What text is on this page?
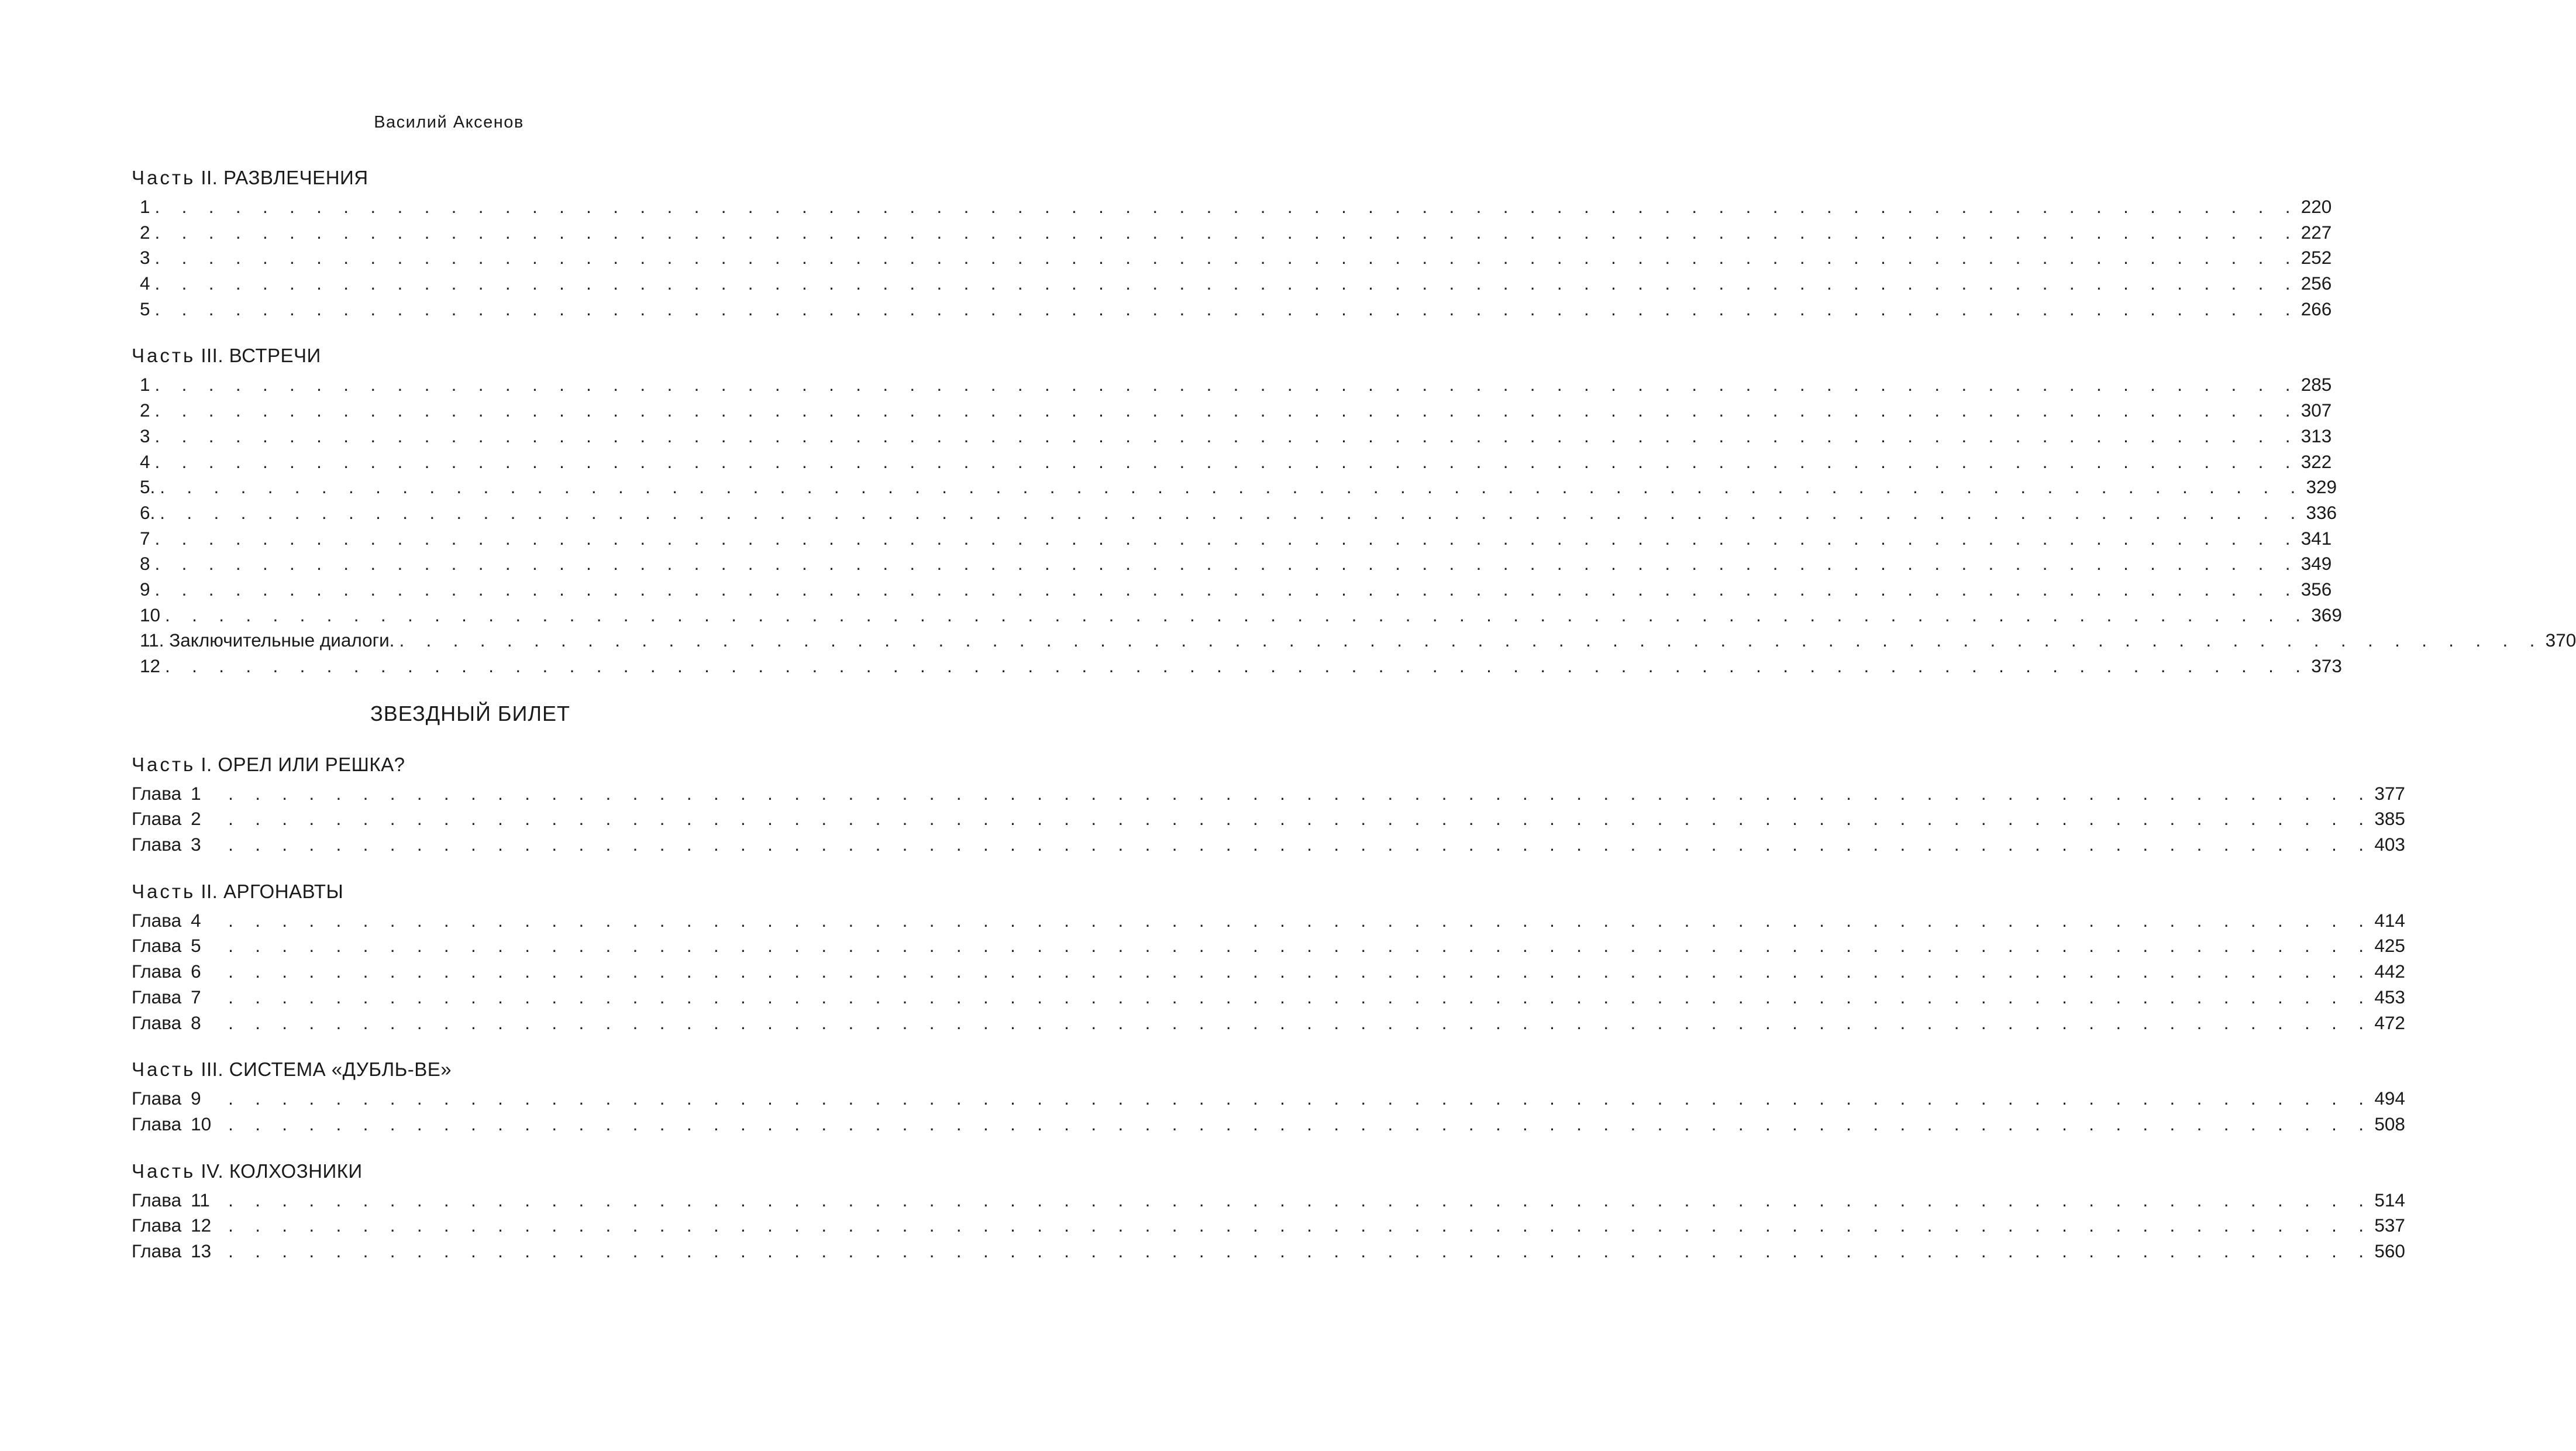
Василий Аксенов
Часть II. РАЗВЛЕЧЕНИЯ
1 . . . . . . . . . . . . . . . . . . . . . . . . . . . . . . . . . . . . . . . . . . . . . . . . . . . . . . . . . . . . . . . . . . . . . . . . . . . . . . . . 220
2 . . . . . . . . . . . . . . . . . . . . . . . . . . . . . . . . . . . . . . . . . . . . . . . . . . . . . . . . . . . . . . . . . . . . . . . . . . . . . . . . 227
3 . . . . . . . . . . . . . . . . . . . . . . . . . . . . . . . . . . . . . . . . . . . . . . . . . . . . . . . . . . . . . . . . . . . . . . . . . . . . . . . . 252
4 . . . . . . . . . . . . . . . . . . . . . . . . . . . . . . . . . . . . . . . . . . . . . . . . . . . . . . . . . . . . . . . . . . . . . . . . . . . . . . . . 256
5 . . . . . . . . . . . . . . . . . . . . . . . . . . . . . . . . . . . . . . . . . . . . . . . . . . . . . . . . . . . . . . . . . . . . . . . . . . . . . . . . 266
Часть III. ВСТРЕЧИ
1 . . . . . . . . . . . . . . . . . . . . . . . . . . . . . . . . . . . . . . . . . . . . . . . . . . . . . . . . . . . . . . . . . . . . . . . . . . . . . . . . 285
2 . . . . . . . . . . . . . . . . . . . . . . . . . . . . . . . . . . . . . . . . . . . . . . . . . . . . . . . . . . . . . . . . . . . . . . . . . . . . . . . . 307
3 . . . . . . . . . . . . . . . . . . . . . . . . . . . . . . . . . . . . . . . . . . . . . . . . . . . . . . . . . . . . . . . . . . . . . . . . . . . . . . . . 313
4 . . . . . . . . . . . . . . . . . . . . . . . . . . . . . . . . . . . . . . . . . . . . . . . . . . . . . . . . . . . . . . . . . . . . . . . . . . . . . . . . 322
5. . . . . . . . . . . . . . . . . . . . . . . . . . . . . . . . . . . . . . . . . . . . . . . . . . . . . . . . . . . . . . . . . . . . . . . . . . . . . . . . . 329
6. . . . . . . . . . . . . . . . . . . . . . . . . . . . . . . . . . . . . . . . . . . . . . . . . . . . . . . . . . . . . . . . . . . . . . . . . . . . . . . . . 336
7 . . . . . . . . . . . . . . . . . . . . . . . . . . . . . . . . . . . . . . . . . . . . . . . . . . . . . . . . . . . . . . . . . . . . . . . . . . . . . . . . 341
8 . . . . . . . . . . . . . . . . . . . . . . . . . . . . . . . . . . . . . . . . . . . . . . . . . . . . . . . . . . . . . . . . . . . . . . . . . . . . . . . . 349
9 . . . . . . . . . . . . . . . . . . . . . . . . . . . . . . . . . . . . . . . . . . . . . . . . . . . . . . . . . . . . . . . . . . . . . . . . . . . . . . . . 356
10 . . . . . . . . . . . . . . . . . . . . . . . . . . . . . . . . . . . . . . . . . . . . . . . . . . . . . . . . . . . . . . . . . . . . . . . . . . . . . . . . 369
11. Заключительные диалоги. . . . . . . . . . . . . . . . . . . . . . . . . . . . . . . . . . . . . . . . . . . . . . . . . . . . . . . . . . . . . . . . . . . . . . . . . . . . . . . . . 370
12 . . . . . . . . . . . . . . . . . . . . . . . . . . . . . . . . . . . . . . . . . . . . . . . . . . . . . . . . . . . . . . . . . . . . . . . . . . . . . . . . 373
ЗВЕЗДНЫЙ БИЛЕТ
Часть I. ОРЕЛ ИЛИ РЕШКА?
Глава 1	. . . . . . . . . . . . . . . . . . . . . . . . . . . . . . . . . . . . . . . . . . . . . . . . . . . . . . . . . . . . . . . . . . . . . . . . . . . . . . . . 377
Глава 2	. . . . . . . . . . . . . . . . . . . . . . . . . . . . . . . . . . . . . . . . . . . . . . . . . . . . . . . . . . . . . . . . . . . . . . . . . . . . . . . . 385
Глава 3	. . . . . . . . . . . . . . . . . . . . . . . . . . . . . . . . . . . . . . . . . . . . . . . . . . . . . . . . . . . . . . . . . . . . . . . . . . . . . . . . 403
Часть II. АРГОНАВТЫ
Глава 4	. . . . . . . . . . . . . . . . . . . . . . . . . . . . . . . . . . . . . . . . . . . . . . . . . . . . . . . . . . . . . . . . . . . . . . . . . . . . . . . . 414
Глава 5	. . . . . . . . . . . . . . . . . . . . . . . . . . . . . . . . . . . . . . . . . . . . . . . . . . . . . . . . . . . . . . . . . . . . . . . . . . . . . . . . 425
Глава 6	. . . . . . . . . . . . . . . . . . . . . . . . . . . . . . . . . . . . . . . . . . . . . . . . . . . . . . . . . . . . . . . . . . . . . . . . . . . . . . . . 442
Глава 7	. . . . . . . . . . . . . . . . . . . . . . . . . . . . . . . . . . . . . . . . . . . . . . . . . . . . . . . . . . . . . . . . . . . . . . . . . . . . . . . . 453
Глава 8	. . . . . . . . . . . . . . . . . . . . . . . . . . . . . . . . . . . . . . . . . . . . . . . . . . . . . . . . . . . . . . . . . . . . . . . . . . . . . . . . 472
Часть III. СИСТЕМА «ДУБЛЬ-ВЕ»
Глава 9	. . . . . . . . . . . . . . . . . . . . . . . . . . . . . . . . . . . . . . . . . . . . . . . . . . . . . . . . . . . . . . . . . . . . . . . . . . . . . . . . 494
Глава 10 . . . . . . . . . . . . . . . . . . . . . . . . . . . . . . . . . . . . . . . . . . . . . . . . . . . . . . . . . . . . . . . . . . . . . . . . . . . . . . . . 508
Часть IV. КОЛХОЗНИКИ
Глава 11 . . . . . . . . . . . . . . . . . . . . . . . . . . . . . . . . . . . . . . . . . . . . . . . . . . . . . . . . . . . . . . . . . . . . . . . . . . . . . . . . 514
Глава 12 . . . . . . . . . . . . . . . . . . . . . . . . . . . . . . . . . . . . . . . . . . . . . . . . . . . . . . . . . . . . . . . . . . . . . . . . . . . . . . . . 537
Глава 13 . . . . . . . . . . . . . . . . . . . . . . . . . . . . . . . . . . . . . . . . . . . . . . . . . . . . . . . . . . . . . . . . . . . . . . . . . . . . . . . . 560
